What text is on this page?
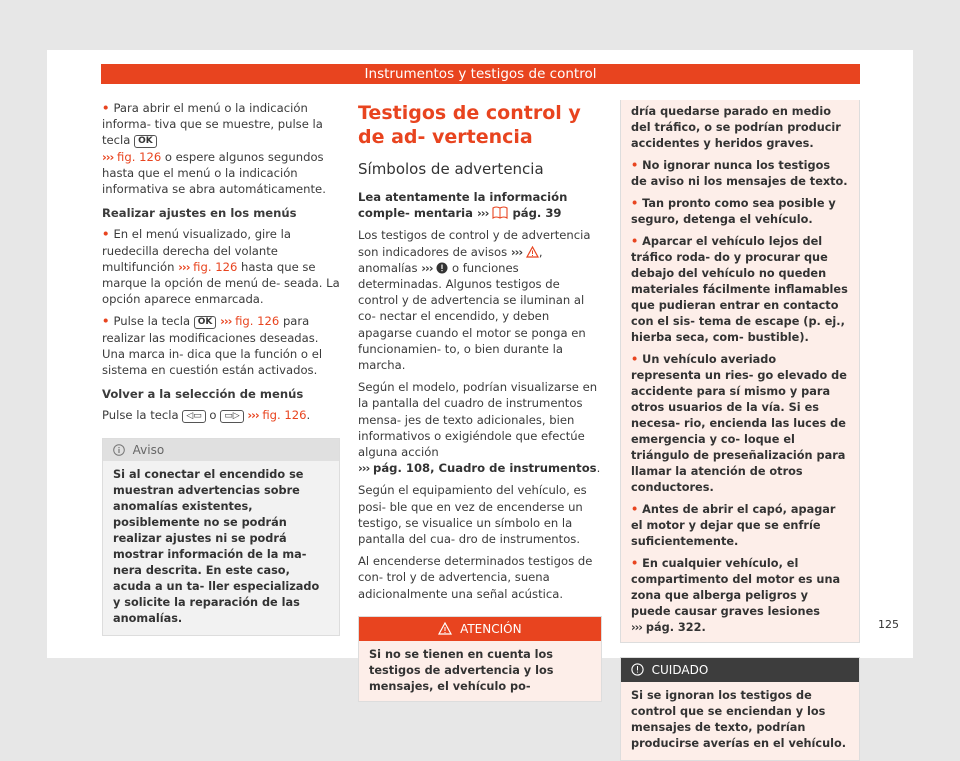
Instrumentos y testigos de control

• Para abrir el menú o la indicación informa- tiva que se muestre, pulse la tecla OK
››› fig. 126 o espere algunos segundos hasta que el menú o la indicación informativa se abra automáticamente.

Realizar ajustes en los menús

• En el menú visualizado, gire la ruedecilla derecha del volante multifunción ››› fig. 126 hasta que se marque la opción de menú de- seada. La opción aparece enmarcada.

• Pulse la tecla OK ››› fig. 126 para realizar las modificaciones deseadas. Una marca in- dica que la función o el sistema en cuestión están activados.

Volver a la selección de menús

Pulse la tecla ◁▭ o ▭▷ ››› fig. 126.

Aviso
Si al conectar el encendido se muestran advertencias sobre anomalías existentes, posiblemente no se podrán realizar ajustes ni se podrá mostrar información de la ma- nera descrita. En este caso, acuda a un ta- ller especializado y solicite la reparación de las anomalías.
Testigos de control y de ad- vertencia
Símbolos de advertencia

Lea atentamente la información comple- mentaria ››› pág. 39

Los testigos de control y de advertencia son indicadores de avisos ››› , anomalías ››› o funciones determinadas. Algunos testigos de control y de advertencia se iluminan al co- nectar el encendido, y deben apagarse cuando el motor se ponga en funcionamien- to, o bien durante la marcha.

Según el modelo, podrían visualizarse en la pantalla del cuadro de instrumentos mensa- jes de texto adicionales, bien informativos o exigiéndole que efectúe alguna acción
››› pág. 108, Cuadro de instrumentos.

Según el equipamiento del vehículo, es posi- ble que en vez de encenderse un testigo, se visualice un símbolo en la pantalla del cua- dro de instrumentos.

Al encenderse determinados testigos de con- trol y de advertencia, suena adicionalmente una señal acústica.

ATENCIÓN
Si no se tienen en cuenta los testigos de advertencia y los mensajes, el vehículo po-

dría quedarse parado en medio del tráfico, o se podrían producir accidentes y heridos graves.

• No ignorar nunca los testigos de aviso ni los mensajes de texto.

• Tan pronto como sea posible y seguro, detenga el vehículo.

• Aparcar el vehículo lejos del tráfico roda- do y procurar que debajo del vehículo no queden materiales fácilmente inflamables que pudieran entrar en contacto con el sis- tema de escape (p. ej., hierba seca, com- bustible).

• Un vehículo averiado representa un ries- go elevado de accidente para sí mismo y para otros usuarios de la vía. Si es necesa- rio, encienda las luces de emergencia y co- loque el triángulo de preseñalización para llamar la atención de otros conductores.

• Antes de abrir el capó, apagar el motor y dejar que se enfríe suficientemente.

• En cualquier vehículo, el compartimento del motor es una zona que alberga peligros y puede causar graves lesiones
››› pág. 322.

CUIDADO
Si se ignoran los testigos de control que se enciendan y los mensajes de texto, podrían producirse averías en el vehículo.
125
